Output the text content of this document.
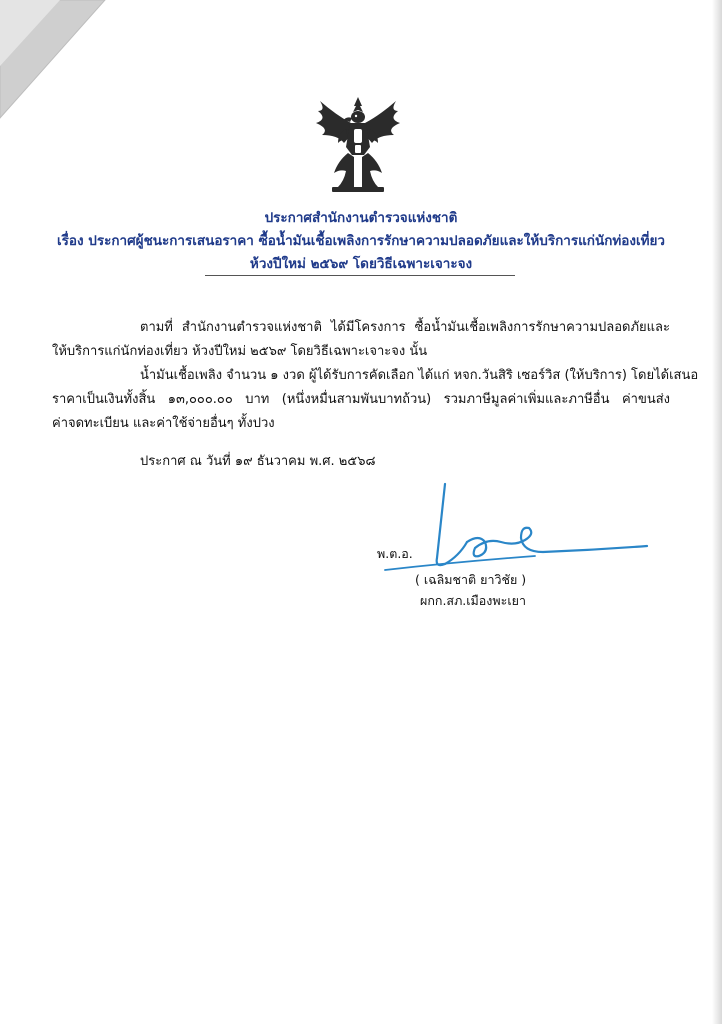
ประกาศสำนักงานตำรวจแห่งชาติ
เรื่อง ประกาศผู้ชนะการเสนอราคา ซื้อน้ำมันเชื้อเพลิงการรักษาความปลอดภัยและให้บริการแก่นักท่องเที่ยว
ห้วงปีใหม่ ๒๕๖๙ โดยวิธีเฉพาะเจาะจง
ตามที่ สำนักงานตำรวจแห่งชาติ ได้มีโครงการ ซื้อน้ำมันเชื้อเพลิงการรักษาความปลอดภัยและ
ให้บริการแก่นักท่องเที่ยว ห้วงปีใหม่ ๒๕๖๙ โดยวิธีเฉพาะเจาะจง นั้น
น้ำมันเชื้อเพลิง จำนวน ๑ งวด ผู้ได้รับการคัดเลือก ได้แก่ หจก.วันสิริ เซอร์วิส (ให้บริการ) โดยได้เสนอ
ราคาเป็นเงินทั้งสิ้น ๑๓,๐๐๐.๐๐ บาท (หนึ่งหมื่นสามพันบาทถ้วน) รวมภาษีมูลค่าเพิ่มและภาษีอื่น ค่าขนส่ง
ค่าจดทะเบียน และค่าใช้จ่ายอื่นๆ ทั้งปวง
ประกาศ ณ วันที่ ๑๙ ธันวาคม พ.ศ. ๒๕๖๘
พ.ต.อ.
( เฉลิมชาติ ยาวิชัย )
ผกก.สภ.เมืองพะเยา
